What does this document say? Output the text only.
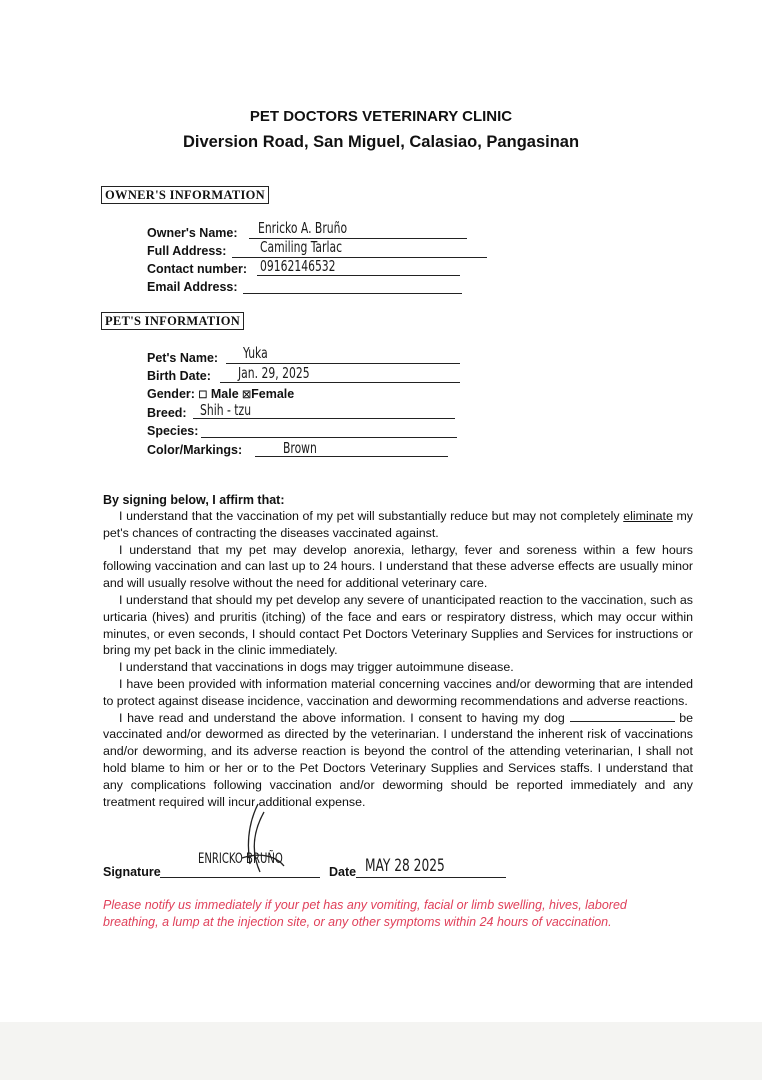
PET DOCTORS VETERINARY CLINIC
Diversion Road, San Miguel, Calasiao, Pangasinan
OWNER'S INFORMATION
Owner's Name: Enricko A. Bruño
Full Address: Camiling Tarlac
Contact number: 09162146532
Email Address:
PET'S INFORMATION
Pet's Name: Yuka
Birth Date: Jan. 29, 2025
Gender: ☐ Male ☒Female
Breed: Shih - tzu
Species:
Color/Markings:	Brown
By signing below, I affirm that:

I understand that the vaccination of my pet will substantially reduce but may not completely eliminate my pet's chances of contracting the diseases vaccinated against.

I understand that my pet may develop anorexia, lethargy, fever and soreness within a few hours following vaccination and can last up to 24 hours. I understand that these adverse effects are usually minor and will usually resolve without the need for additional veterinary care.

I understand that should my pet develop any severe of unanticipated reaction to the vaccination, such as urticaria (hives) and pruritis (itching) of the face and ears or respiratory distress, which may occur within minutes, or even seconds, I should contact Pet Doctors Veterinary Supplies and Services for instructions or bring my pet back in the clinic immediately.

I understand that vaccinations in dogs may trigger autoimmune disease.

I have been provided with information material concerning vaccines and/or deworming that are intended to protect against disease incidence, vaccination and deworming recommendations and adverse reactions.

I have read and understand the above information. I consent to having my dog	be vaccinated and/or dewormed as directed by the veterinarian. I understand the inherent risk of vaccinations and/or deworming, and its adverse reaction is beyond the control of the attending veterinarian, I shall not hold blame to him or her or to the Pet Doctors Veterinary Supplies and Services staffs. I understand that any complications following vaccination and/or deworming should be reported immediately and any treatment required will incur additional expense.

Signature
ENRICKO BRUÑO
Date MAY 28 2025
Please notify us immediately if your pet has any vomiting, facial or limb swelling, hives, labored breathing, a lump at the injection site, or any other symptoms within 24 hours of vaccination.
